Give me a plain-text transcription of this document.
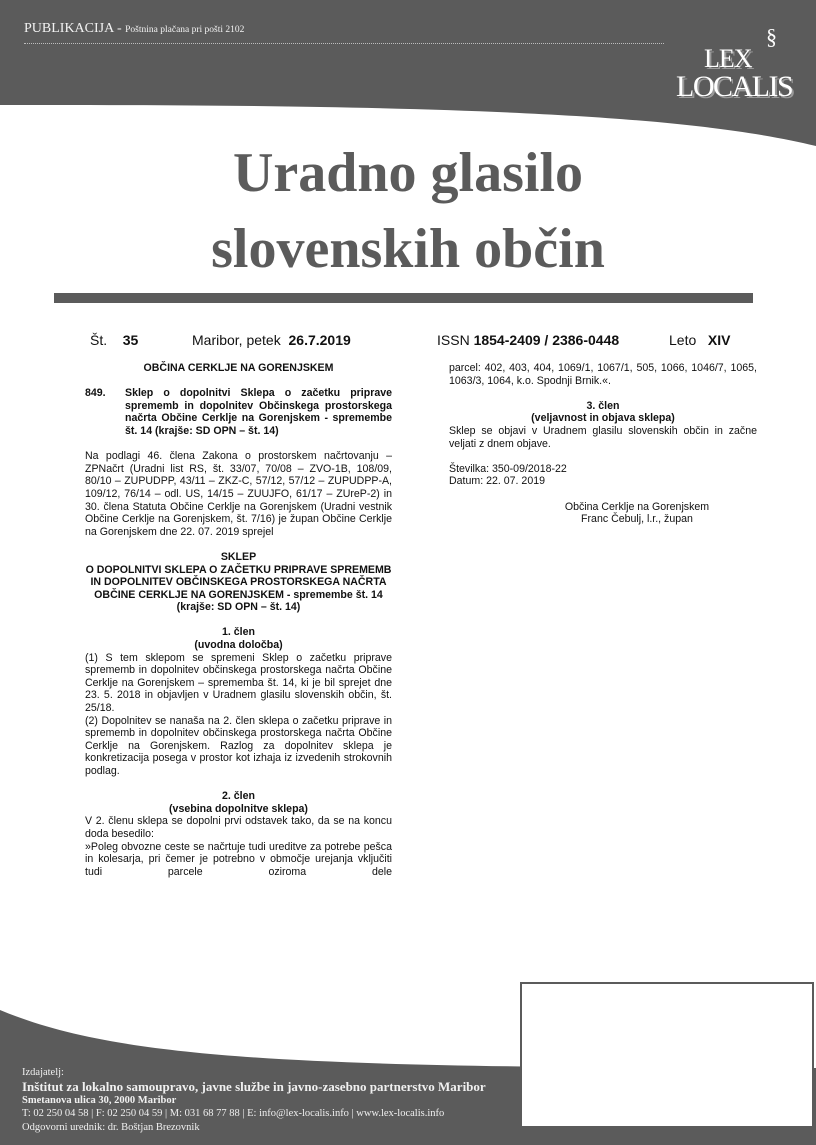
PUBLIKACIJA - Poštnina plačana pri pošti 2102	§
LEX
LOCALIS
Uradno glasilo
slovenskih občin
Št. 35	Maribor, petek 26.7.2019	ISSN 1854-2409 / 2386-0448	Leto XIV
OBČINA CERKLJE NA GORENJSKEM
849.	Sklep o dopolnitvi Sklepa o začetku priprave sprememb in dopolnitev Občinskega prostorskega načrta Občine Cerklje na Gorenjskem - spremembe št. 14 (krajše: SD OPN – št. 14)
Na podlagi 46. člena Zakona o prostorskem načrtovanju – ZPNačrt (Uradni list RS, št. 33/07, 70/08 – ZVO-1B, 108/09, 80/10 – ZUPUDPP, 43/11 – ZKZ-C, 57/12, 57/12 – ZUPUDPP-A, 109/12, 76/14 – odl. US, 14/15 – ZUUJFO, 61/17 – ZUreP-2) in 30. člena Statuta Občine Cerklje na Gorenjskem (Uradni vestnik Občine Cerklje na Gorenjskem, št. 7/16) je župan Občine Cerklje na Gorenjskem dne 22. 07. 2019 sprejel
SKLEP
O DOPOLNITVI SKLEPA O ZAČETKU PRIPRAVE SPREMEMB IN DOPOLNITEV OBČINSKEGA PROSTORSKEGA NAČRTA OBČINE CERKLJE NA GORENJSKEM - spremembe št. 14 (krajše: SD OPN – št. 14)
1. člen
(uvodna določba)
(1) S tem sklepom se spremeni Sklep o začetku priprave sprememb in dopolnitev občinskega prostorskega načrta Občine Cerklje na Gorenjskem – sprememba št. 14, ki je bil sprejet dne 23. 5. 2018 in objavljen v Uradnem glasilu slovenskih občin, št. 25/18.
(2) Dopolnitev se nanaša na 2. člen sklepa o začetku priprave in sprememb in dopolnitev občinskega prostorskega načrta Občine Cerklje na Gorenjskem. Razlog za dopolnitev sklepa je konkretizacija posega v prostor kot izhaja iz izvedenih strokovnih podlag.
2. člen
(vsebina dopolnitve sklepa)
V 2. členu sklepa se dopolni prvi odstavek tako, da se na koncu doda besedilo:
»Poleg obvozne ceste se načrtuje tudi ureditve za potrebe pešca in kolesarja, pri čemer je potrebno v območje urejanja vključiti tudi parcele oziroma dele
parcel: 402, 403, 404, 1069/1, 1067/1, 505, 1066, 1046/7, 1065, 1063/3, 1064, k.o. Spodnji Brnik.«.
3. člen
(veljavnost in objava sklepa)
Sklep se objavi v Uradnem glasilu slovenskih občin in začne veljati z dnem objave.
Številka: 350-09/2018-22
Datum: 22. 07. 2019
Občina Cerklje na Gorenjskem
Franc Čebulj, l.r., župan
Izdajatelj:
Inštitut za lokalno samoupravo, javne službe in javno-zasebno partnerstvo Maribor
Smetanova ulica 30, 2000 Maribor
T: 02 250 04 58 | F: 02 250 04 59 | M: 031 68 77 88 | E: info@lex-localis.info | www.lex-localis.info
Odgovorni urednik: dr. Boštjan Brezovnik
